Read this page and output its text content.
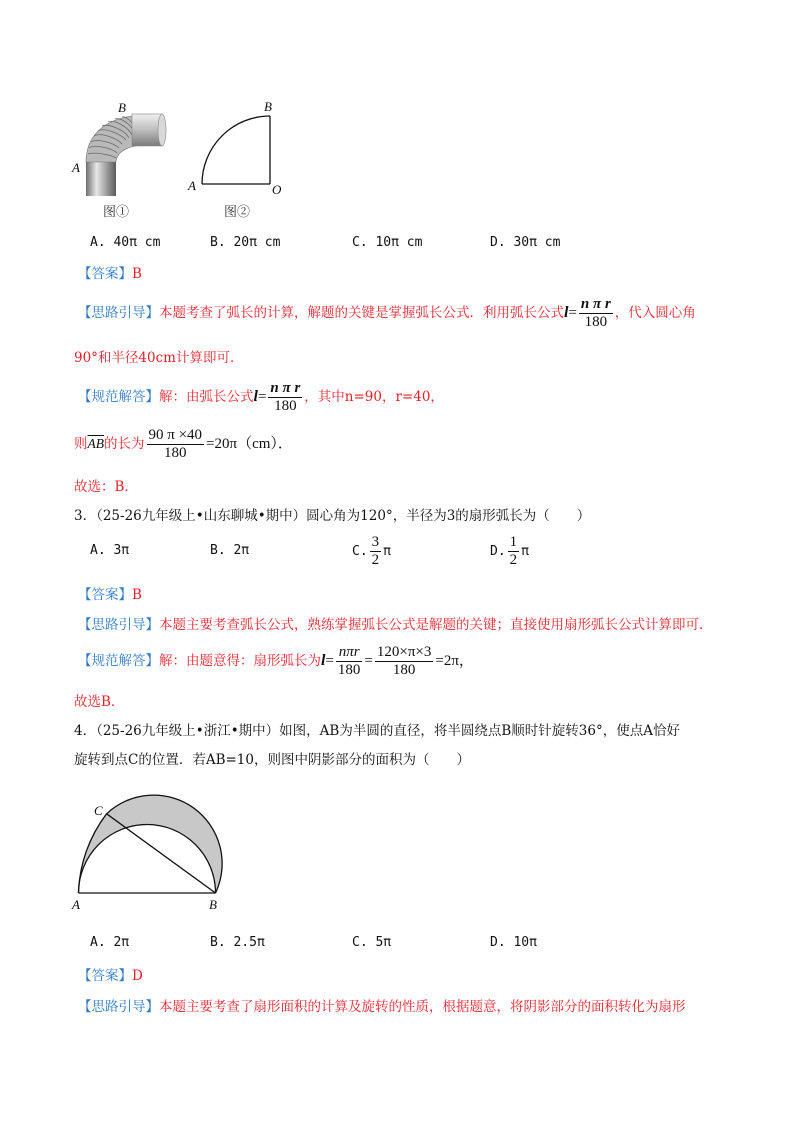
B
A
图①
B
A	O
图②
A. 40π cm	B. 20π cm	C. 10π cm	D. 30π cm
【答案】B
【思路引导】本题考查了弧长的计算，解题的关键是掌握弧长公式．利用弧长公式$l= \frac{\text{n π r}}{180}$ ，代入圆心角
90°和半径40cm计算即可．
【规范解答】解：由弧长公式$l= \frac{\text{n π r}}{180}$ ，其中n=90，r=40，
则$\overline{AB}$的长为 $\frac{90 \pi \times 40}{180} =20\pi(cm)$．
故选：B．
3．（25-26九年级上•山东聊城•期中）圆心角为120°，半径为3的扇形弧长为（　　）
A. 3π	B. 2π	C. $\frac{3}{2}$ π	D. $\frac{1}{2}$ π
【答案】B
【思路引导】本题主要考查弧长公式，熟练掌握弧长公式是解题的关键；直接使用扇形弧长公式计算即可．
【规范解答】解：由题意得：扇形弧长为$l= \frac{\text{nπr}}{180} = \frac{120\times\pi\times 3}{180} =2\pi$，
故选B．
4．（25-26九年级上•浙江•期中）如图，AB为半圆的直径，将半圆绕点B顺时针旋转36°，使点A恰好
旋转到点C的位置．若AB=10，则图中阴影部分的面积为（　　）
A	B
C
A. 2π	B. 2.5π	C. 5π	D. 10π
【答案】D
【思路引导】本题主要考查了扇形面积的计算及旋转的性质，根据题意，将阴影部分的面积转化为扇形
